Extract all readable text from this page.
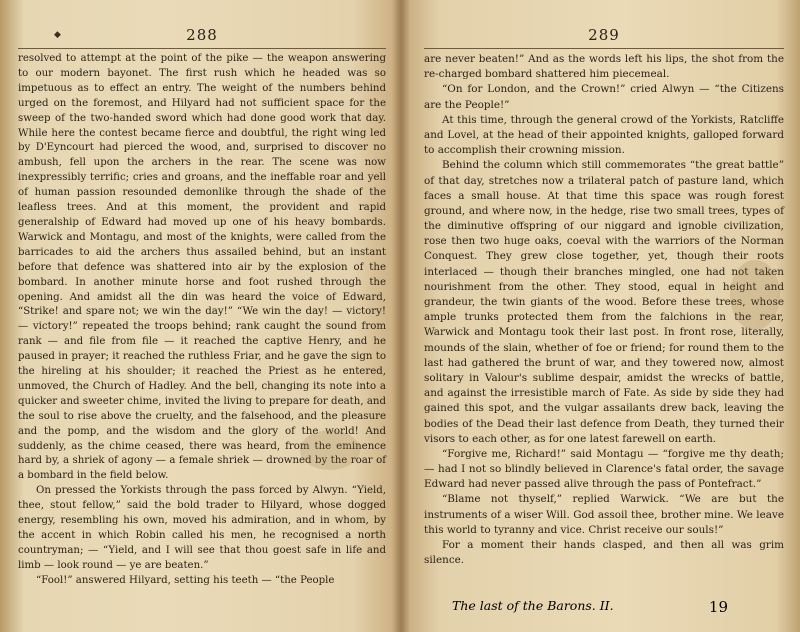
◆	288

resolved to attempt at the point of the pike — the weapon answering to our modern bayonet. The first rush which he headed was so impetuous as to effect an entry. The weight of the numbers behind urged on the foremost, and Hilyard had not sufficient space for the sweep of the two-handed sword which had done good work that day. While here the contest became fierce and doubtful, the right wing led by D'Eyncourt had pierced the wood, and, surprised to discover no ambush, fell upon the archers in the rear. The scene was now inexpressibly terrific; cries and groans, and the ineffable roar and yell of human passion resounded demonlike through the shade of the leafless trees. And at this moment, the provident and rapid generalship of Edward had moved up one of his heavy bombards. Warwick and Montagu, and most of the knights, were called from the barricades to aid the archers thus assailed behind, but an instant before that defence was shattered into air by the explosion of the bombard. In another minute horse and foot rushed through the opening. And amidst all the din was heard the voice of Edward, “Strike! and spare not; we win the day!” “We win the day! — victory! — victory!” repeated the troops behind; rank caught the sound from rank — and file from file — it reached the captive Henry, and he paused in prayer; it reached the ruthless Friar, and he gave the sign to the hireling at his shoulder; it reached the Priest as he entered, unmoved, the Church of Hadley. And the bell, changing its note into a quicker and sweeter chime, invited the living to prepare for death, and the soul to rise above the cruelty, and the falsehood, and the pleasure and the pomp, and the wisdom and the glory of the world! And suddenly, as the chime ceased, there was heard, from the eminence hard by, a shriek of agony — a female shriek — drowned by the roar of a bombard in the field below.

On pressed the Yorkists through the pass forced by Alwyn. “Yield, thee, stout fellow,” said the bold trader to Hilyard, whose dogged energy, resembling his own, moved his admiration, and in whom, by the accent in which Robin called his men, he recognised a north countryman; — “Yield, and I will see that thou goest safe in life and limb — look round — ye are beaten.”

“Fool!” answered Hilyard, setting his teeth — “the People

289

are never beaten!” And as the words left his lips, the shot from the re-charged bombard shattered him piecemeal.

“On for London, and the Crown!” cried Alwyn — “the Citizens are the People!”

At this time, through the general crowd of the Yorkists, Ratcliffe and Lovel, at the head of their appointed knights, galloped forward to accomplish their crowning mission.

Behind the column which still commemorates “the great battle” of that day, stretches now a trilateral patch of pasture land, which faces a small house. At that time this space was rough forest ground, and where now, in the hedge, rise two small trees, types of the diminutive offspring of our niggard and ignoble civilization, rose then two huge oaks, coeval with the warriors of the Norman Conquest. They grew close together, yet, though their roots interlaced — though their branches mingled, one had not taken nourishment from the other. They stood, equal in height and grandeur, the twin giants of the wood. Before these trees, whose ample trunks protected them from the falchions in the rear, Warwick and Montagu took their last post. In front rose, literally, mounds of the slain, whether of foe or friend; for round them to the last had gathered the brunt of war, and they towered now, almost solitary in Valour's sublime despair, amidst the wrecks of battle, and against the irresistible march of Fate. As side by side they had gained this spot, and the vulgar assailants drew back, leaving the bodies of the Dead their last defence from Death, they turned their visors to each other, as for one latest farewell on earth.

“Forgive me, Richard!” said Montagu — “forgive me thy death; — had I not so blindly believed in Clarence's fatal order, the savage Edward had never passed alive through the pass of Pontefract.”

“Blame not thyself,” replied Warwick. “We are but the instruments of a wiser Will. God assoil thee, brother mine. We leave this world to tyranny and vice. Christ receive our souls!”

For a moment their hands clasped, and then all was grim silence.

The last of the Barons. II.	19
